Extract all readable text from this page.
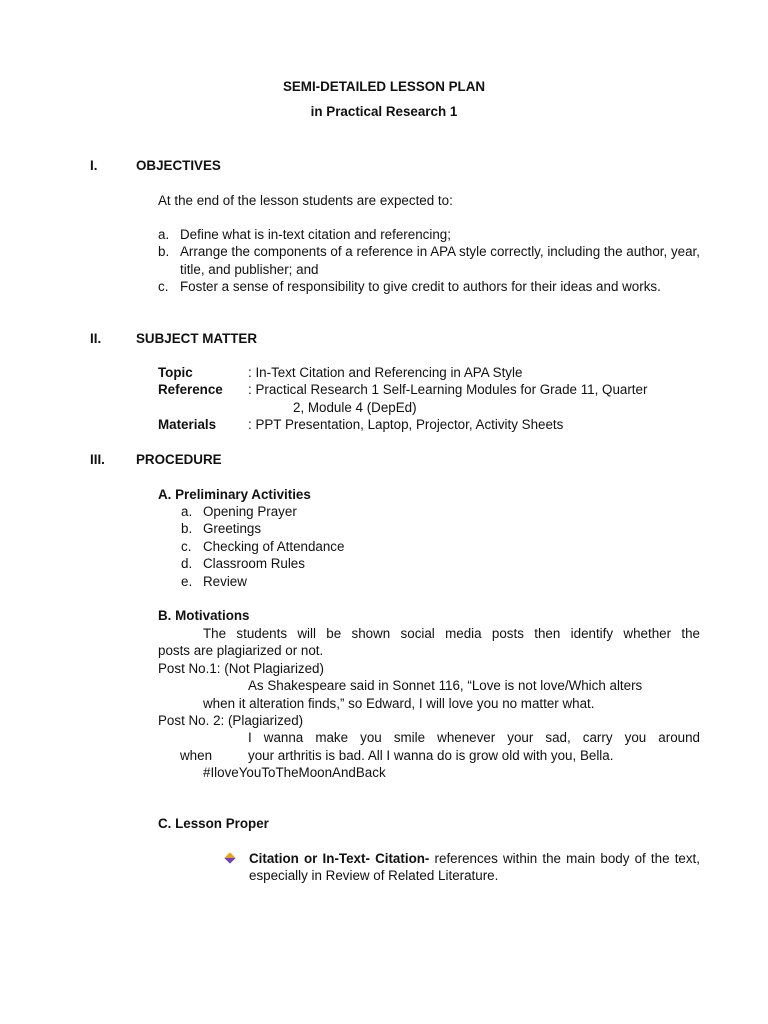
SEMI-DETAILED LESSON PLAN
in Practical Research 1
I.	OBJECTIVES
At the end of the lesson students are expected to:
a. Define what is in-text citation and referencing;
b. Arrange the components of a reference in APA style correctly, including the author, year, title, and publisher; and
c. Foster a sense of responsibility to give credit to authors for their ideas and works.
II.	SUBJECT MATTER
Topic	: In-Text Citation and Referencing in APA Style
Reference	: Practical Research 1 Self-Learning Modules for Grade 11, Quarter
2, Module 4 (DepEd)
Materials	: PPT Presentation, Laptop, Projector, Activity Sheets
III. PROCEDURE
A. Preliminary Activities
a. Opening Prayer
b. Greetings
c. Checking of Attendance
d. Classroom Rules
e. Review
B. Motivations
The students will be shown social media posts then identify whether the
posts are plagiarized or not.
Post No.1: (Not Plagiarized)
As Shakespeare said in Sonnet 116, “Love is not love/Which alters
when it alteration finds,” so Edward, I will love you no matter what.
Post No. 2: (Plagiarized)
I wanna make you smile whenever your sad, carry you around
when	your arthritis is bad. All I wanna do is grow old with you, Bella.
#IloveYouToTheMoonAndBack
C. Lesson Proper
Citation or In-Text- Citation- references within the main body of the text, especially in Review of Related Literature.
